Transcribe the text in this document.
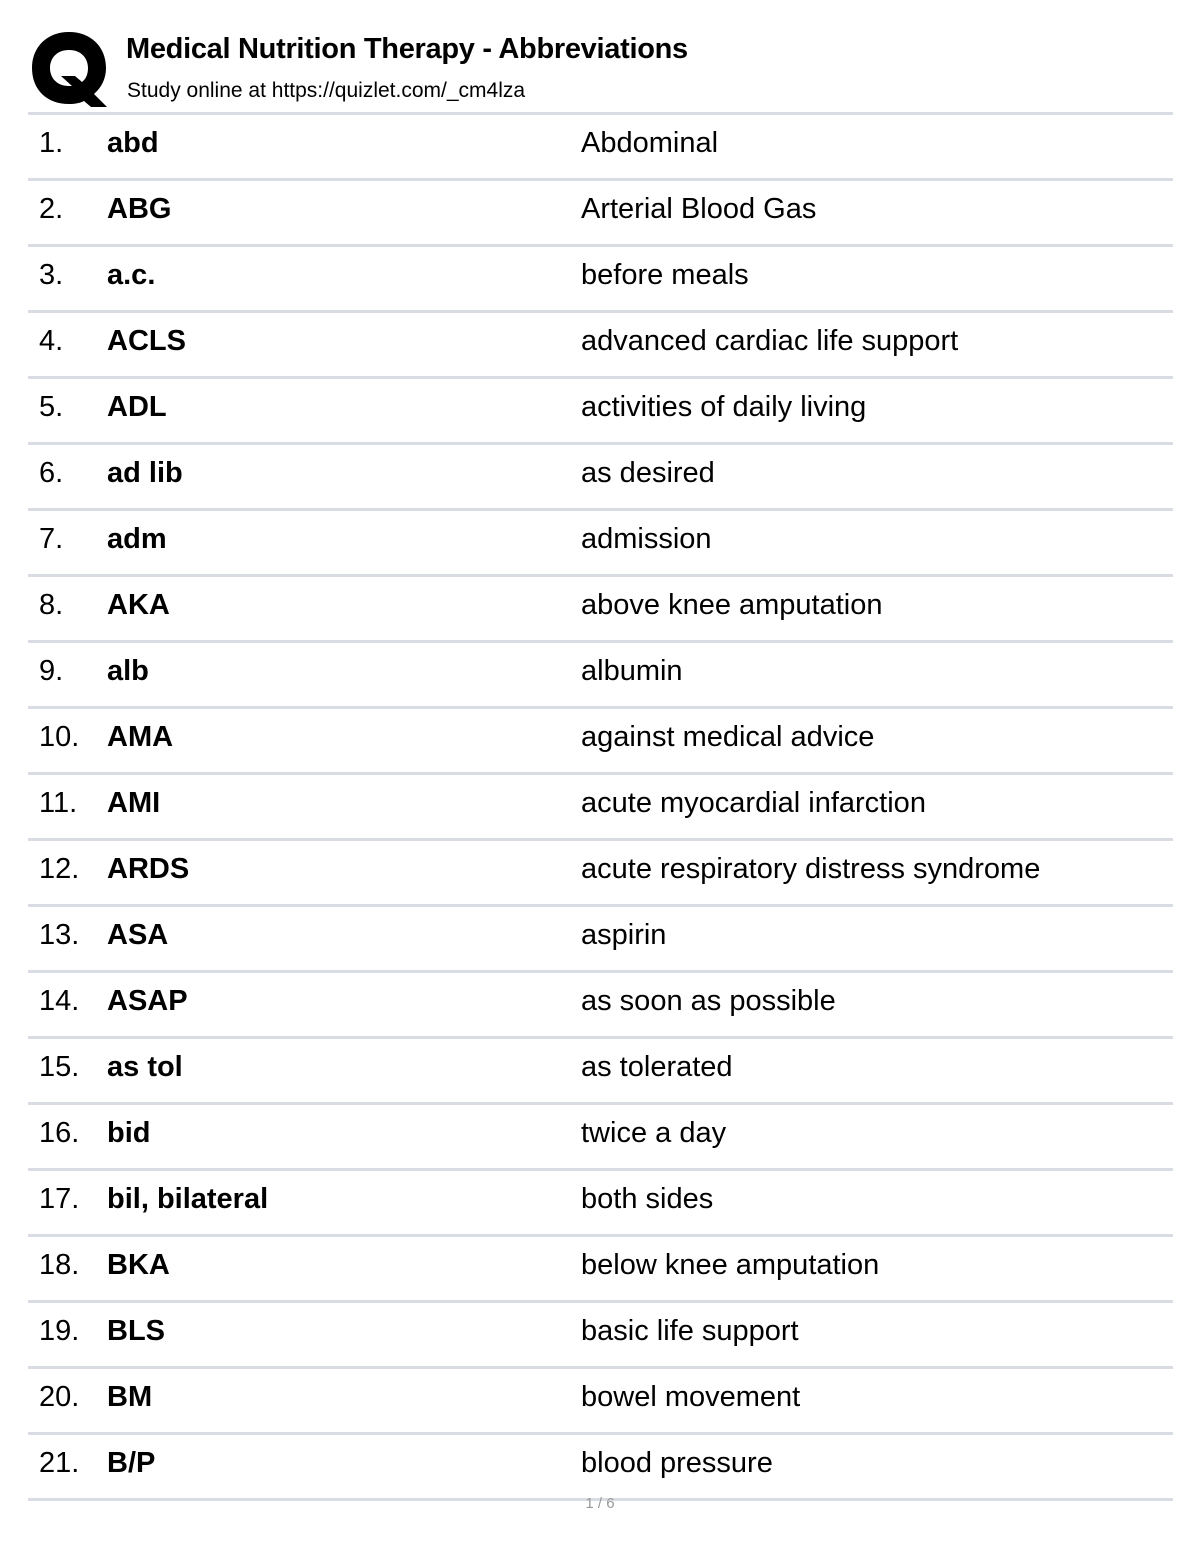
Medical Nutrition Therapy - Abbreviations
Study online at https://quizlet.com/_cm4lza
1. abd	Abdominal
2. ABG	Arterial Blood Gas
3. a.c.	before meals
4. ACLS	advanced cardiac life support
5. ADL	activities of daily living
6. ad lib	as desired
7. adm	admission
8. AKA	above knee amputation
9. alb	albumin
10. AMA	against medical advice
11. AMI	acute myocardial infarction
12. ARDS	acute respiratory distress syndrome
13. ASA	aspirin
14. ASAP	as soon as possible
15. as tol	as tolerated
16. bid	twice a day
17. bil, bilateral	both sides
18. BKA	below knee amputation
19. BLS	basic life support
20. BM	bowel movement
21. B/P	blood pressure
1 / 6
